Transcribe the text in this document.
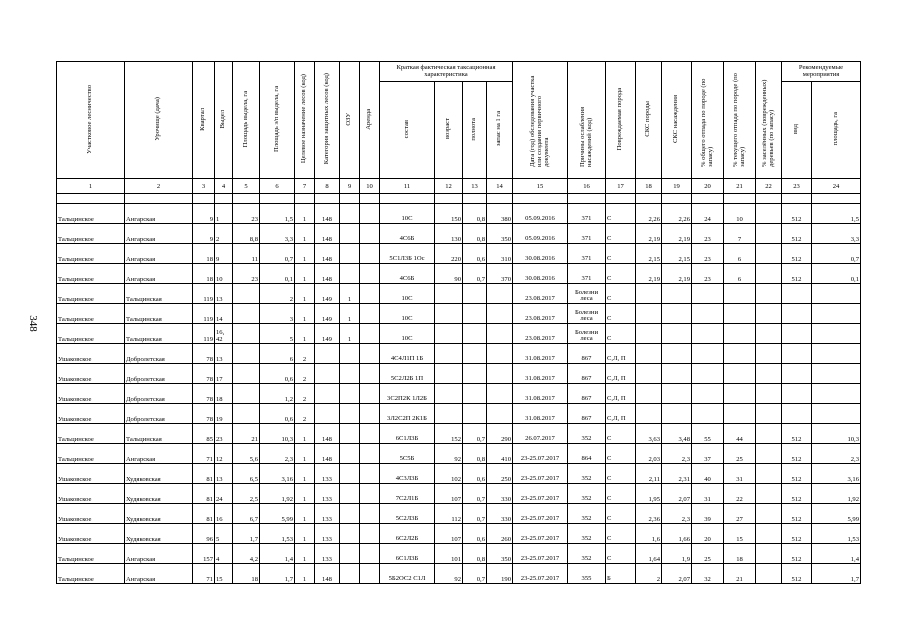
348
Участковое лесничество	Урочище (дача)	Квартал	Выдел	Площадь выдела, га	Площадь з/п выдела, га	Целевое назначение лесов (код)	Категория защитных лесов (код)	ОЗУ	Аренда	Краткая фактическая таксационная характеристика				Дата (год) обследования участка или создания первичного документа	Причины ослабления насаждений (код)	Повреждаемая порода	СКС породы	СКС насаждения	% общего отпада по породе (по запасу)	% текущего отпада по породе (по запасу)	% заселённых (поврежденных) деревьев (по запасу)	Рекомендуемые мероприятия	
										состав	возраст	полнота	запас на 1 га									вид	площадь, га
1	2	3	4	5	6	7	8	9	10	11	12	13	14	15	16	17	18	19	20	21	22	23	24

Тальцинское	Ангарская	9	1	23	1,5	1	148			10С	150	0,8	380	05.09.2016	371	С	2,26	2,26	24	10		512	1,5
Тальцинское	Ангарская	9	2	8,8	3,3	1	148			4С6Б	130	0,8	350	05.09.2016	371	С	2,19	2,19	23	7		512	3,3
Тальцинское	Ангарская	18	9	11	0,7	1	148			5С1Л3Б 1Ос	220	0,6	310	30.08.2016	371	С	2,15	2,15	23	6		512	0,7
Тальцинское	Ангарская	18	10	23	0,1	1	148			4С6Б	90	0,7	370	30.08.2016	371	С	2,19	2,19	23	6		512	0,1
Тальцинское	Тальцинская	119	13		2	1	149	1		10С				23.08.2017	Болезни леса	С							
Тальцинское	Тальцинская	119	14		3	1	149	1		10С				23.08.2017	Болезни леса	С							
Тальцинское	Тальцинская	119	16, 42		5	1	149	1		10С				23.08.2017	Болезни леса	С							
Ушаковское	Добролетская	78	13		6	2				4С4Л1П 1Б				31.08.2017	867	С,Л, П							
Ушаковское	Добролетская	78	17		0,6	2				5С2Л2Б 1П				31.08.2017	867	С,Л, П							
Ушаковское	Добролетская	78	18		1,2	2				3С2П2К 1Л2Б				31.08.2017	867	С,Л, П							
Ушаковское	Добролетская	78	19		0,6	2				3Л2С2П 2К1Б				31.08.2017	867	С,Л, П							
Тальцинское	Тальцинская	85	23	21	10,3	1	148			6С1Л3Б	152	0,7	290	26.07.2017	352	С	3,63	3,48	55	44		512	10,3
Тальцинское	Ангарская	71	12	5,6	2,3	1	148			5С5Б	92	0,8	410	23-25.07.2017	864	С	2,03	2,3	37	25		512	2,3
Ушаковское	Худяковская	81	13	6,5	3,16	1	133			4С3Л3Б	102	0,6	250	23-25.07.2017	352	С	2,11	2,31	40	31		512	3,16
Ушаковское	Худяковская	81	24	2,5	1,92	1	133			7С2Л1Б	107	0,7	330	23-25.07.2017	352	С	1,95	2,07	31	22		512	1,92
Ушаковское	Худяковская	81	16	6,7	5,99	1	133			5С2Л3Б	112	0,7	330	23-25.07.2017	352	С	2,36	2,3	39	27		512	5,99
Ушаковское	Худяковская	96	5	1,7	1,53	1	133			6С2Л2Б	107	0,6	260	23-25.07.2017	352	С	1,6	1,66	20	15		512	1,53
Тальцинское	Ангарская	157	4	4,2	1,4	1	133			6С1Л3Б	101	0,8	350	23-25.07.2017	352	С	1,64	1,9	25	18		512	1,4
Тальцинское	Ангарская	71	15	18	1,7	1	148			5Б2ОС2 С1Л	92	0,7	190	23-25.07.2017	355	Б	2	2,07	32	21		512	1,7
